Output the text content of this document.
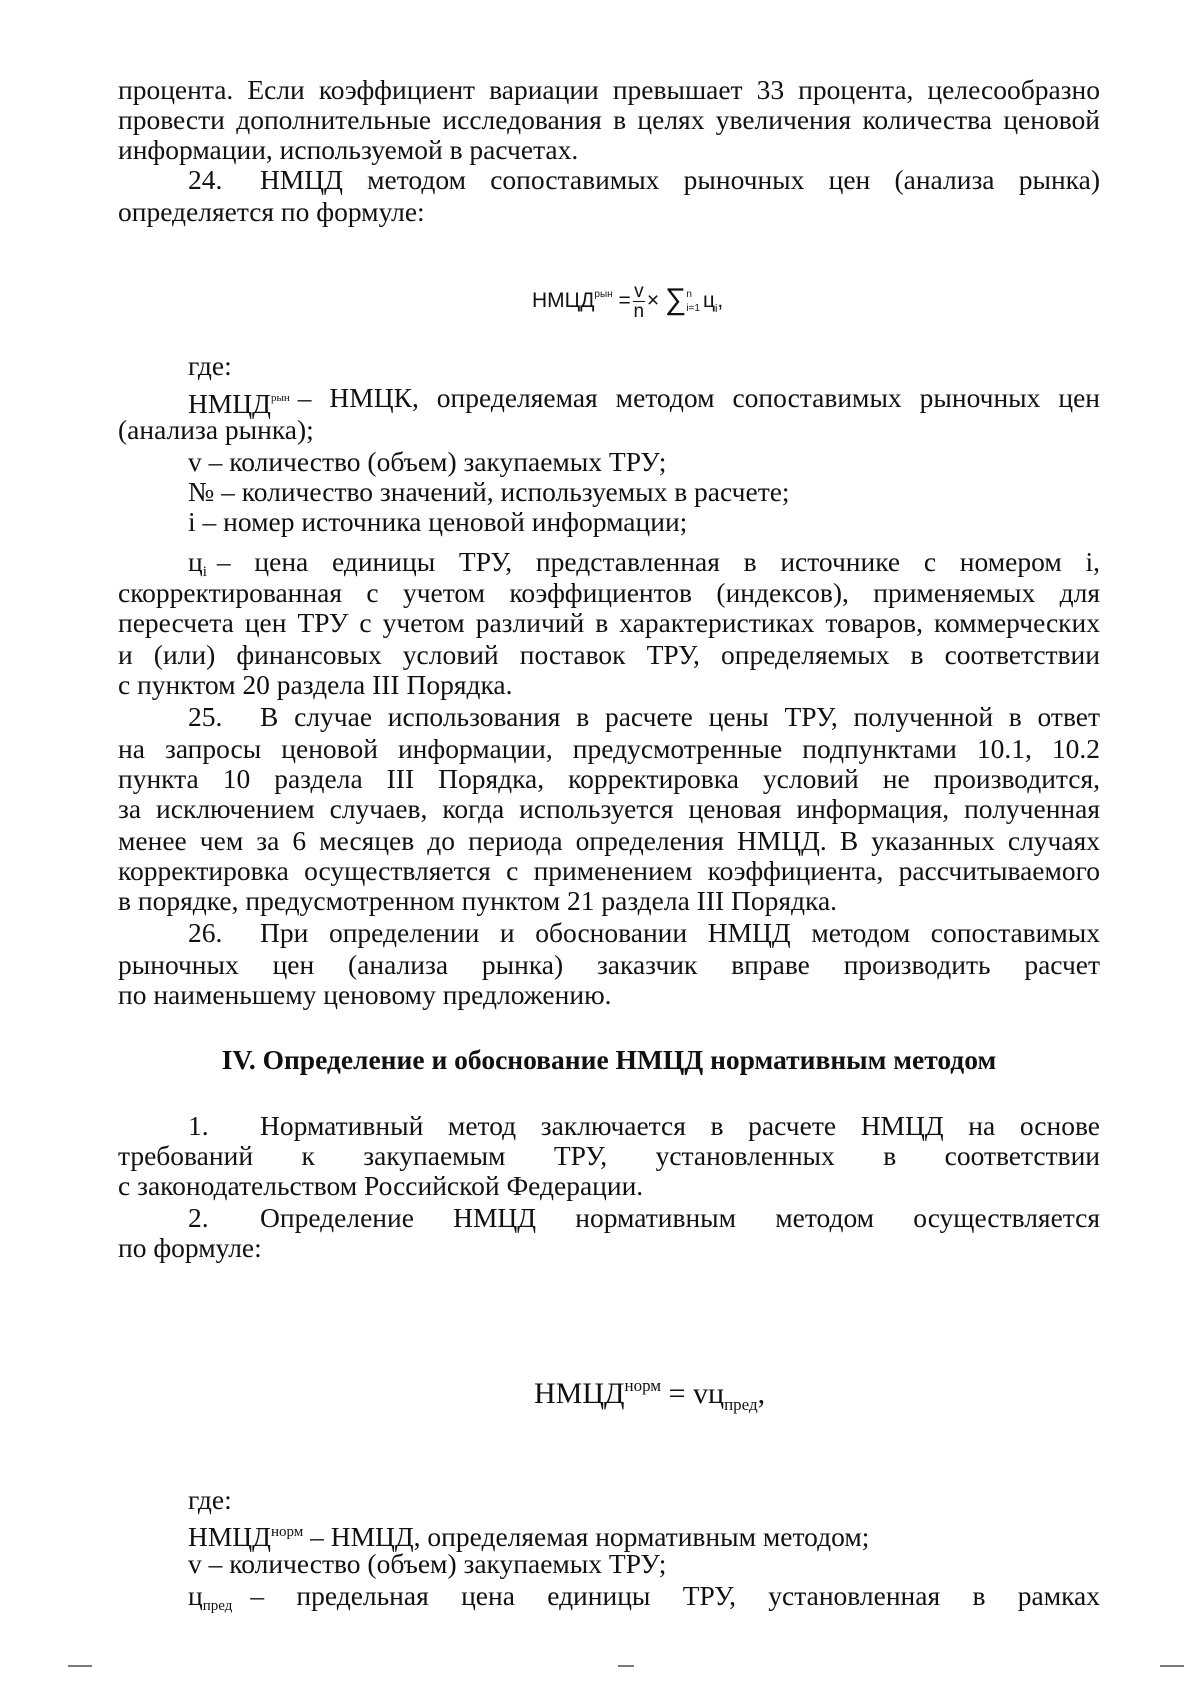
процента. Если коэффициент вариации превышает 33 процента, целесообразно
провести дополнительные исследования в целях увеличения количества ценовой
информации, используемой в расчетах.
24.	НМЦД методом сопоставимых рыночных цен (анализа рынка)
определяется по формуле:
$НМЦД^{рын} = \frac{v}{n}$ × ∑ n
i=1 $ц_i$,
где:
$НМЦД^{рын}$ – НМЦК, определяемая методом сопоставимых рыночных цен
(анализа рынка);
v – количество (объем) закупаемых ТРУ;
№ – количество значений, используемых в расчете;
i – номер источника ценовой информации;
цi – цена единицы ТРУ, представленная в источнике с номером i,
скорректированная с учетом коэффициентов (индексов), применяемых для
пересчета цен ТРУ с учетом различий в характеристиках товаров, коммерческих
и (или) финансовых условий поставок ТРУ, определяемых в соответствии
с пунктом 20 раздела III Порядка.
25.	В случае использования в расчете цены ТРУ, полученной в ответ
на запросы ценовой информации, предусмотренные подпунктами 10.1, 10.2
пункта 10 раздела III Порядка, корректировка условий не производится,
за исключением случаев, когда используется ценовая информация, полученная
менее чем за 6 месяцев до периода определения НМЦД. В указанных случаях
корректировка осуществляется с применением коэффициента, рассчитываемого
в порядке, предусмотренном пунктом 21 раздела III Порядка.
26.	При определении и обосновании НМЦД методом сопоставимых
рыночных цен (анализа рынка) заказчик вправе производить расчет
по наименьшему ценовому предложению.
IV. Определение и обоснование НМЦД нормативным методом
1.	Нормативный метод заключается в расчете НМЦД на основе
требований к закупаемым ТРУ, установленных в соответствии
с законодательством Российской Федерации.
2.	Определение НМЦД нормативным методом осуществляется
по формуле:
$НМЦД^{норм} = vц_{пред}$,
где:
$НМЦД^{норм}$ – НМЦД, определяемая нормативным методом;
v – количество (объем) закупаемых ТРУ;
цпред – предельная цена единицы ТРУ, установленная в рамках
